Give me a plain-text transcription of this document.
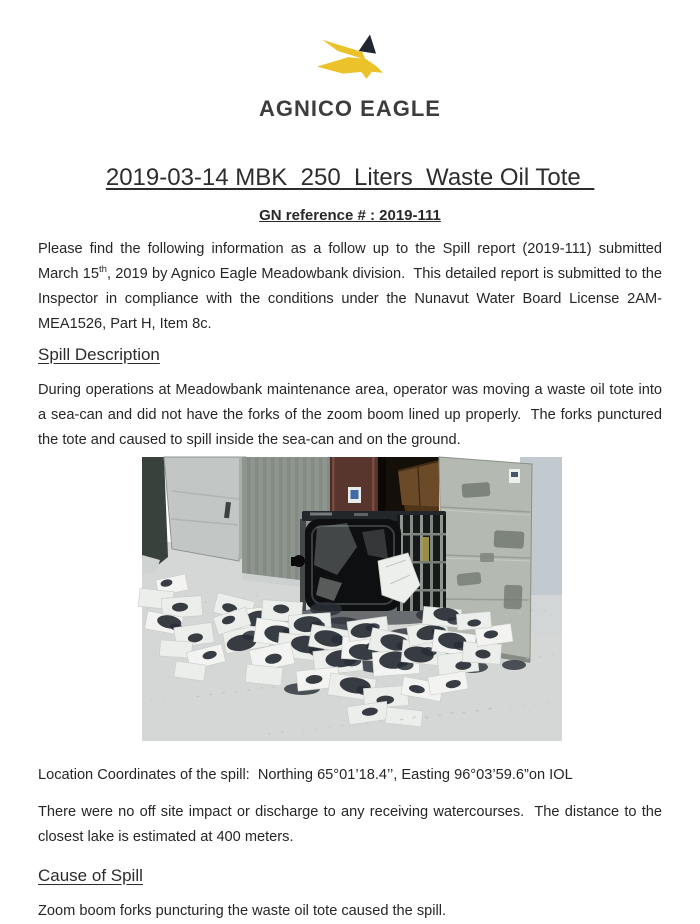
AGNICO EAGLE
2019-03-14 MBK_250_Liters_Waste Oil Tote_
GN reference # : 2019-111

Please find the following information as a follow up to the Spill report (2019-111) submitted March 15th, 2019 by Agnico Eagle Meadowbank division.  This detailed report is submitted to the Inspector in compliance with the conditions under the Nunavut Water Board License 2AM-MEA1526, Part H, Item 8c.

Spill Description

During operations at Meadowbank maintenance area, operator was moving a waste oil tote into a sea-can and did not have the forks of the zoom boom lined up properly.  The forks punctured the tote and caused to spill inside the sea-can and on the ground.

Location Coordinates of the spill:  Northing 65°01’18.4’’, Easting 96°03’59.6”on IOL

There were no off site impact or discharge to any receiving watercourses.  The distance to the closest lake is estimated at 400 meters.

Cause of Spill

Zoom boom forks puncturing the waste oil tote caused the spill.
